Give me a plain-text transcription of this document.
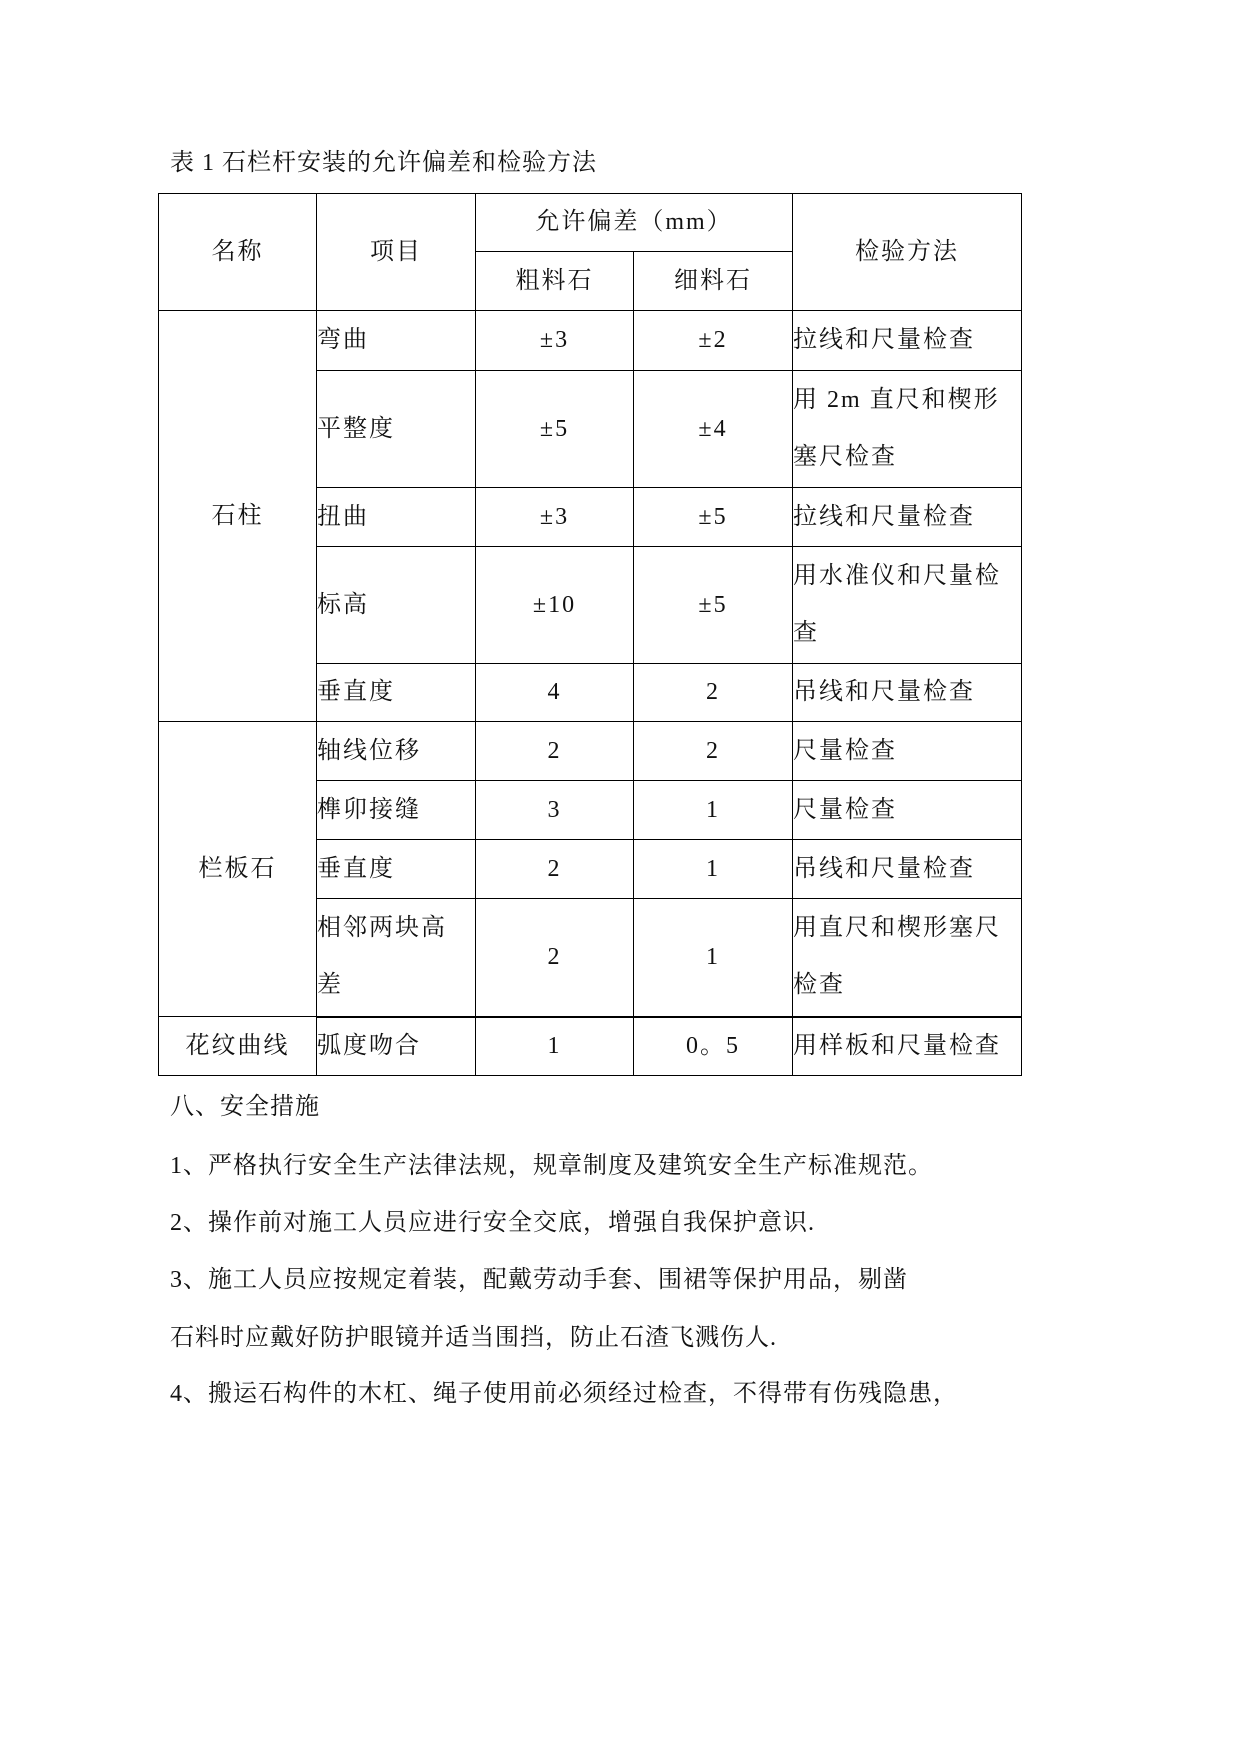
表 1 石栏杆安装的允许偏差和检验方法
名称	项目	允许偏差（mm）		检验方法
		粗料石	细料石	
石柱	弯曲	±3	±2	拉线和尺量检查

	平整度	±5	±4	用 2m 直尺和楔形塞尺检查

	扭曲	±3	±5	拉线和尺量检查

	标高	±10	±5	用水准仪和尺量检查

	垂直度	4	2	吊线和尺量检查

栏板石	轴线位移	2	2	尺量检查

	榫卯接缝	3	1	尺量检查

	垂直度	2	1	吊线和尺量检查

	相邻两块高差	2	1	用直尺和楔形塞尺检查

花纹曲线	弧度吻合	1	0。5	用样板和尺量检查
八、安全措施
1、严格执行安全生产法律法规，规章制度及建筑安全生产标准规范。
2、操作前对施工人员应进行安全交底，增强自我保护意识.
3、施工人员应按规定着装，配戴劳动手套、围裙等保护用品，剔凿
石料时应戴好防护眼镜并适当围挡，防止石渣飞溅伤人.
4、搬运石构件的木杠、绳子使用前必须经过检查，不得带有伤残隐患，
